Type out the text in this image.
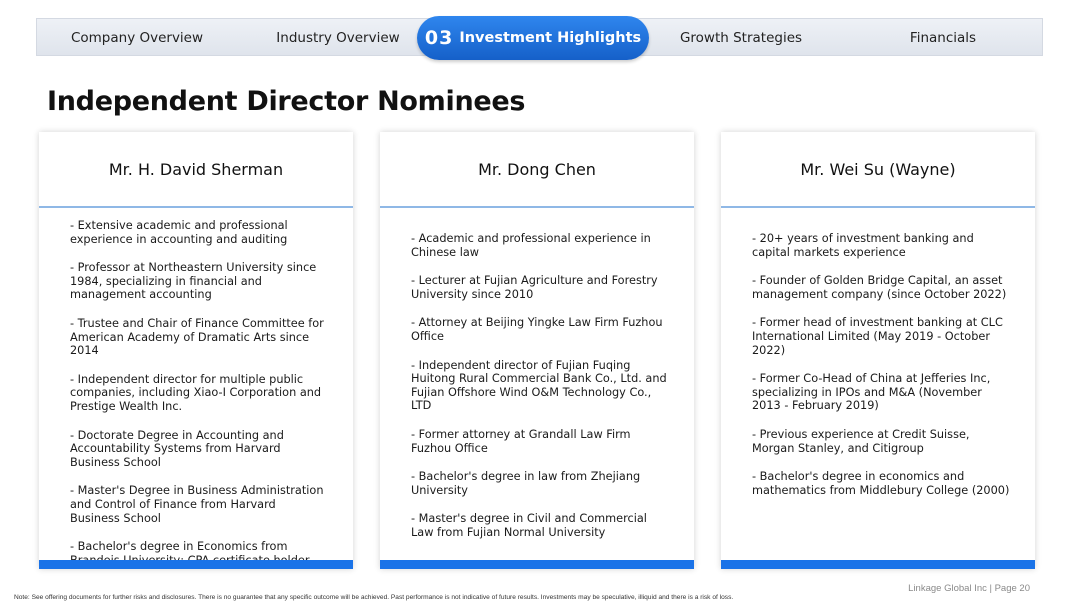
Company Overview	Industry Overview 03 Investment Highlights	Growth Strategies	Financials
Independent Director Nominees
Mr. H. David Sherman
- Extensive academic and professional experience in accounting and auditing
- Professor at Northeastern University since 1984, specializing in financial and management accounting
- Trustee and Chair of Finance Committee for American Academy of Dramatic Arts since 2014
- Independent director for multiple public companies, including Xiao-I Corporation and Prestige Wealth Inc.
- Doctorate Degree in Accounting and Accountability Systems from Harvard Business School
- Master's Degree in Business Administration and Control of Finance from Harvard Business School
- Bachelor's degree in Economics from
Mr. Dong Chen
- Academic and professional experience in Chinese law
- Lecturer at Fujian Agriculture and Forestry University since 2010
- Attorney at Beijing Yingke Law Firm Fuzhou Office
- Independent director of Fujian Fuqing Huitong Rural Commercial Bank Co., Ltd. and Fujian Offshore Wind O&M Technology Co., LTD
- Former attorney at Grandall Law Firm Fuzhou Office
- Bachelor's degree in law from Zhejiang University
- Master's degree in Civil and Commercial Law from Fujian Normal University
Mr. Wei Su (Wayne)
- 20+ years of investment banking and capital markets experience
- Founder of Golden Bridge Capital, an asset management company (since October 2022)
- Former head of investment banking at CLC International Limited (May 2019 - October 2022)
- Former Co-Head of China at Jefferies Inc, specializing in IPOs and M&A (November 2013 - February 2019)
- Previous experience at Credit Suisse, Morgan Stanley, and Citigroup
- Bachelor's degree in economics and mathematics from Middlebury College (2000)
Linkage Global Inc | Page 20
Note: See offering documents for further risks and disclosures. There is no guarantee that any specific outcome will be achieved. Past performance is not indicative of future results. Investments may be speculative, illiquid and there is a risk of loss.
